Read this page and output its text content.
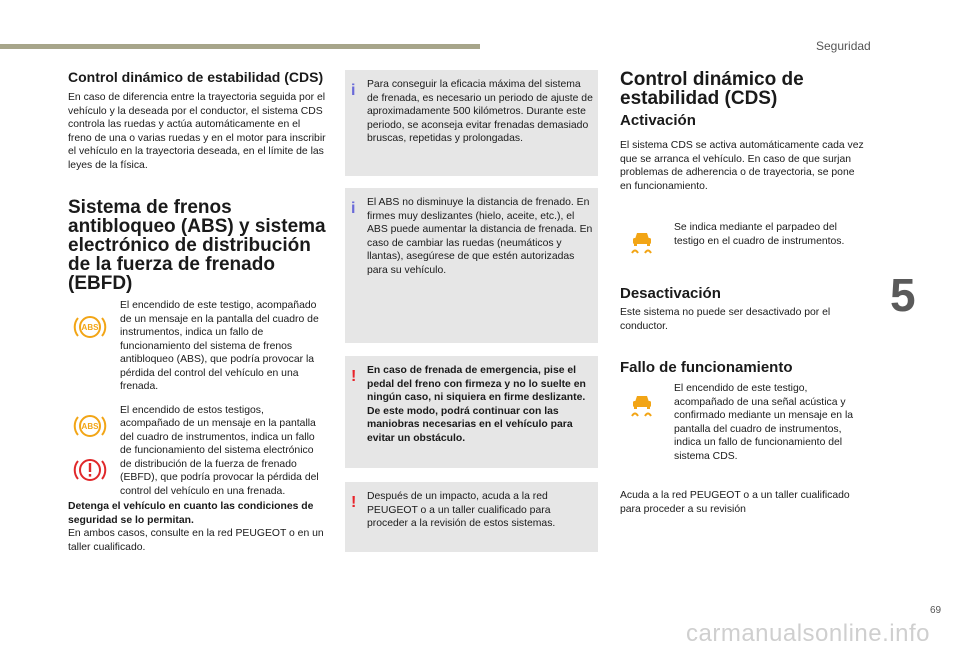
Seguridad
5
69
carmanualsonline.info
Control dinámico de estabilidad (CDS)

En caso de diferencia entre la trayectoria seguida por el vehículo y la deseada por el conductor, el sistema CDS controla las ruedas y actúa automáticamente en el freno de una o varias ruedas y en el motor para inscribir el vehículo en la trayectoria deseada, en el límite de las leyes de la física.

Sistema de frenos antibloqueo (ABS) y sistema electrónico de distribución de la fuerza de frenado (EBFD)
ABS

El encendido de este testigo, acompañado de un mensaje en la pantalla del cuadro de instrumentos, indica un fallo de funcionamiento del sistema de frenos antibloqueo (ABS), que podría provocar la pérdida del control del vehículo en una frenada.

ABS

El encendido de estos testigos, acompañado de un mensaje en la pantalla del cuadro de instrumentos, indica un fallo de funcionamiento del sistema electrónico de distribución de la fuerza de frenado (EBFD), que podría provocar la pérdida del control del vehículo en una frenada.

Detenga el vehículo en cuanto las condiciones de seguridad se lo permitan.

En ambos casos, consulte en la red PEUGEOT o en un taller cualificado.

i Para conseguir la eficacia máxima del sistema de frenada, es necesario un periodo de ajuste de aproximadamente 500 kilómetros. Durante este periodo, se aconseja evitar frenadas demasiado bruscas, repetidas y prolongadas.

i El ABS no disminuye la distancia de frenado. En firmes muy deslizantes (hielo, aceite, etc.), el ABS puede aumentar la distancia de frenada. En caso de cambiar las ruedas (neumáticos y llantas), asegúrese de que estén autorizadas para su vehículo.

! En caso de frenada de emergencia, pise el pedal del freno con firmeza y no lo suelte en ningún caso, ni siquiera en firme deslizante. De este modo, podrá continuar con las maniobras necesarias en el vehículo para evitar un obstáculo.

! Después de un impacto, acuda a la red PEUGEOT o a un taller cualificado para proceder a la revisión de estos sistemas.

Control dinámico de estabilidad (CDS)
Activación

El sistema CDS se activa automáticamente cada vez que se arranca el vehículo. En caso de que surjan problemas de adherencia o de trayectoria, se pone en funcionamiento.

Se indica mediante el parpadeo del testigo en el cuadro de instrumentos.

Desactivación

Este sistema no puede ser desactivado por el conductor.

Fallo de funcionamiento

El encendido de este testigo, acompañado de una señal acústica y confirmado mediante un mensaje en la pantalla del cuadro de instrumentos, indica un fallo de funcionamiento del sistema CDS.

Acuda a la red PEUGEOT o a un taller cualificado para proceder a su revisión
